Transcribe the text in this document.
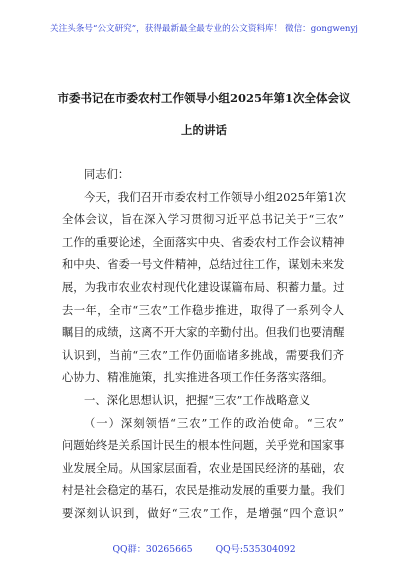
关注头条号“公文研究”，获得最新最全最专业的公文资料库！ 微信：gongwenyj
市委书记在市委农村工作领导小组2025年第1次全体会议
上的讲话
同志们：
今天，我们召开市委农村工作领导小组2025年第1次
全体会议，旨在深入学习贯彻习近平总书记关于“三农”
工作的重要论述，全面落实中央、省委农村工作会议精神
和中央、省委一号文件精神，总结过往工作，谋划未来发
展，为我市农业农村现代化建设谋篇布局、积蓄力量。过
去一年，全市“三农”工作稳步推进，取得了一系列令人
瞩目的成绩，这离不开大家的辛勤付出。但我们也要清醒
认识到，当前“三农”工作仍面临诸多挑战，需要我们齐
心协力、精准施策，扎实推进各项工作任务落实落细。
一、深化思想认识，把握“三农”工作战略意义
（一）深刻领悟“三农”工作的政治使命。“三农”
问题始终是关系国计民生的根本性问题，关乎党和国家事
业发展全局。从国家层面看，农业是国民经济的基础，农
村是社会稳定的基石，农民是推动发展的重要力量。我们
要深刻认识到，做好“三农”工作，是增强“四个意识”
QQ群：30265665 QQ号:535304092
